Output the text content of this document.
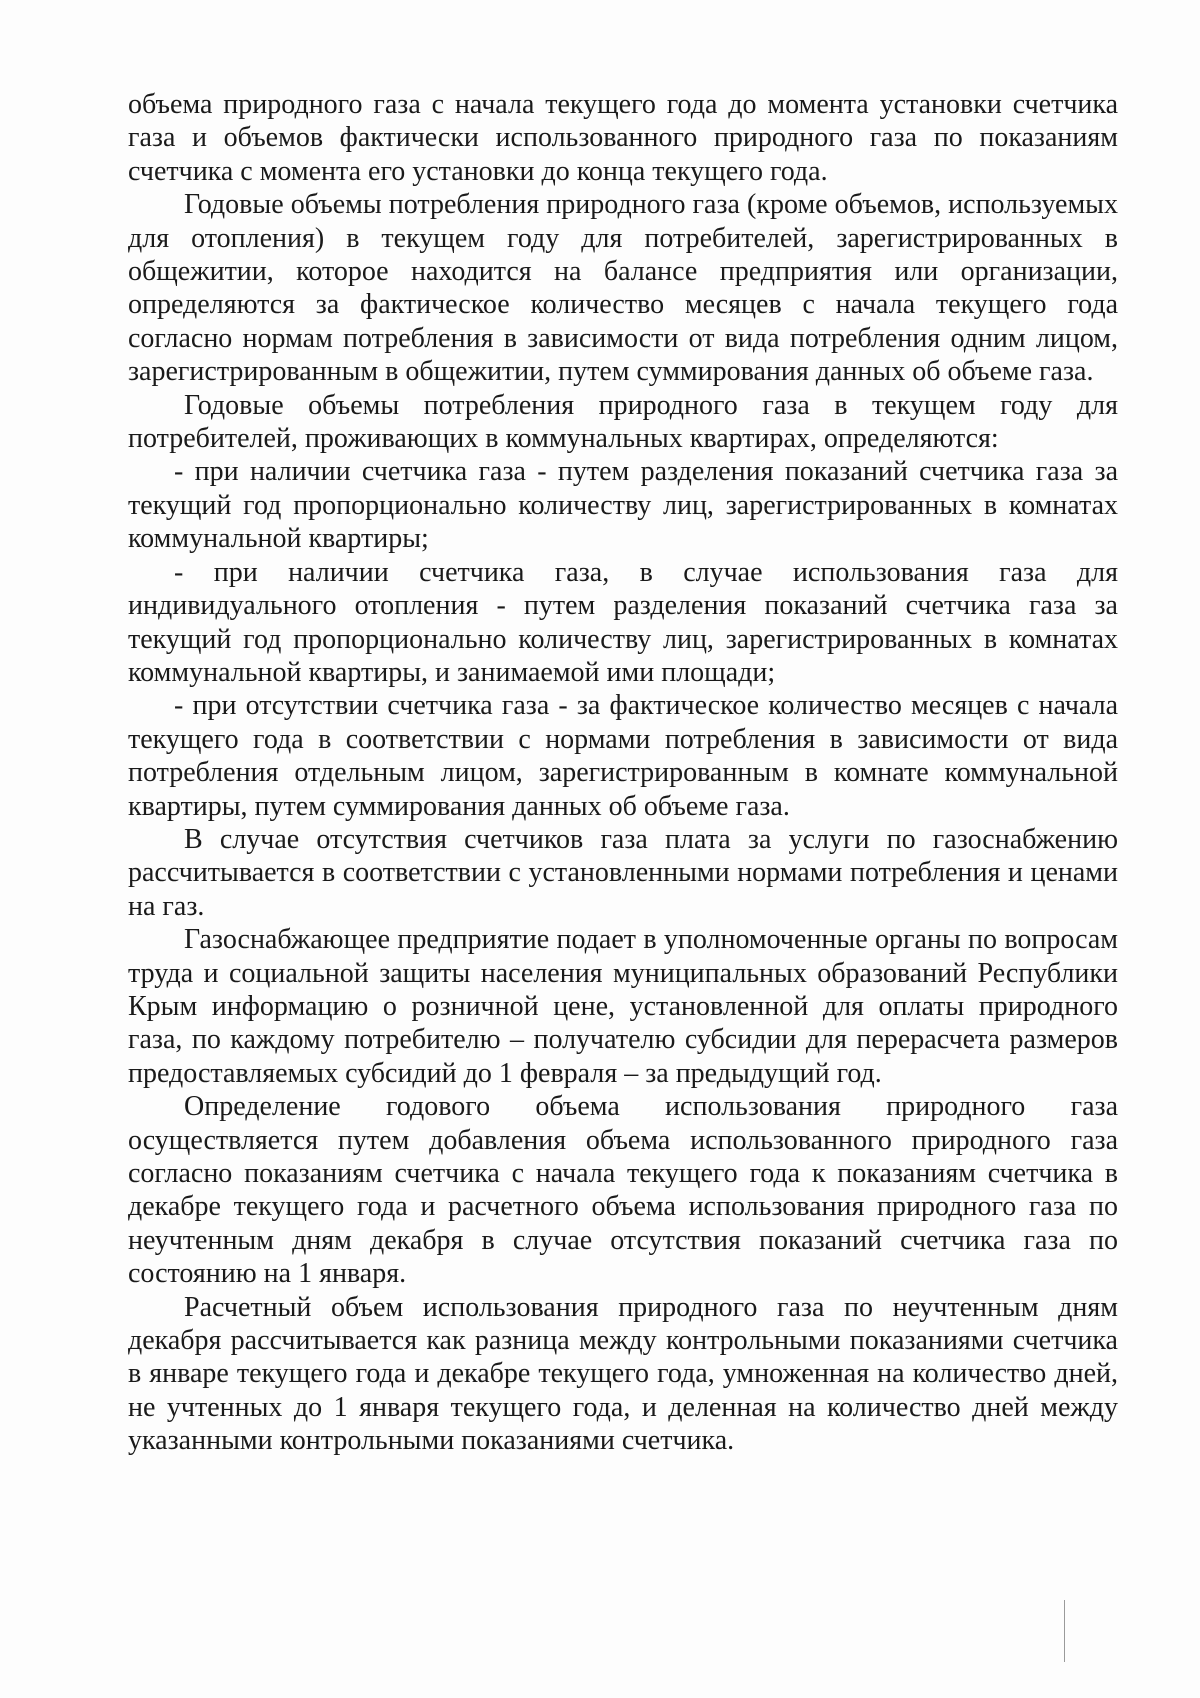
объема природного газа с начала текущего года до момента установки счетчика газа и объемов фактически использованного природного газа по показаниям счетчика с момента его установки до конца текущего года.

Годовые объемы потребления природного газа (кроме объемов, используемых для отопления) в текущем году для потребителей, зарегистрированных в общежитии, которое находится на балансе предприятия или организации, определяются за фактическое количество месяцев с начала текущего года согласно нормам потребления в зависимости от вида потребления одним лицом, зарегистрированным в общежитии, путем суммирования данных об объеме газа.

Годовые объемы потребления природного газа в текущем году для потребителей, проживающих в коммунальных квартирах, определяются:

- при наличии счетчика газа - путем разделения показаний счетчика газа за текущий год пропорционально количеству лиц, зарегистрированных в комнатах коммунальной квартиры;

- при наличии счетчика газа, в случае использования газа для индивидуального отопления - путем разделения показаний счетчика газа за текущий год пропорционально количеству лиц, зарегистрированных в комнатах коммунальной квартиры, и занимаемой ими площади;

- при отсутствии счетчика газа - за фактическое количество месяцев с начала текущего года в соответствии с нормами потребления в зависимости от вида потребления отдельным лицом, зарегистрированным в комнате коммунальной квартиры, путем суммирования данных об объеме газа.

В случае отсутствия счетчиков газа плата за услуги по газоснабжению рассчитывается в соответствии с установленными нормами потребления и ценами на газ.

Газоснабжающее предприятие подает в уполномоченные органы по вопросам труда и социальной защиты населения муниципальных образований Республики Крым информацию о розничной цене, установленной для оплаты природного газа, по каждому потребителю – получателю субсидии для перерасчета размеров предоставляемых субсидий до 1 февраля – за предыдущий год.

Определение годового объема использования природного газа осуществляется путем добавления объема использованного природного газа согласно показаниям счетчика с начала текущего года к показаниям счетчика в декабре текущего года и расчетного объема использования природного газа по неучтенным дням декабря в случае отсутствия показаний счетчика газа по состоянию на 1 января.

Расчетный объем использования природного газа по неучтенным дням декабря рассчитывается как разница между контрольными показаниями счетчика в январе текущего года и декабре текущего года, умноженная на количество дней, не учтенных до 1 января текущего года, и деленная на количество дней между указанными контрольными показаниями счетчика.
